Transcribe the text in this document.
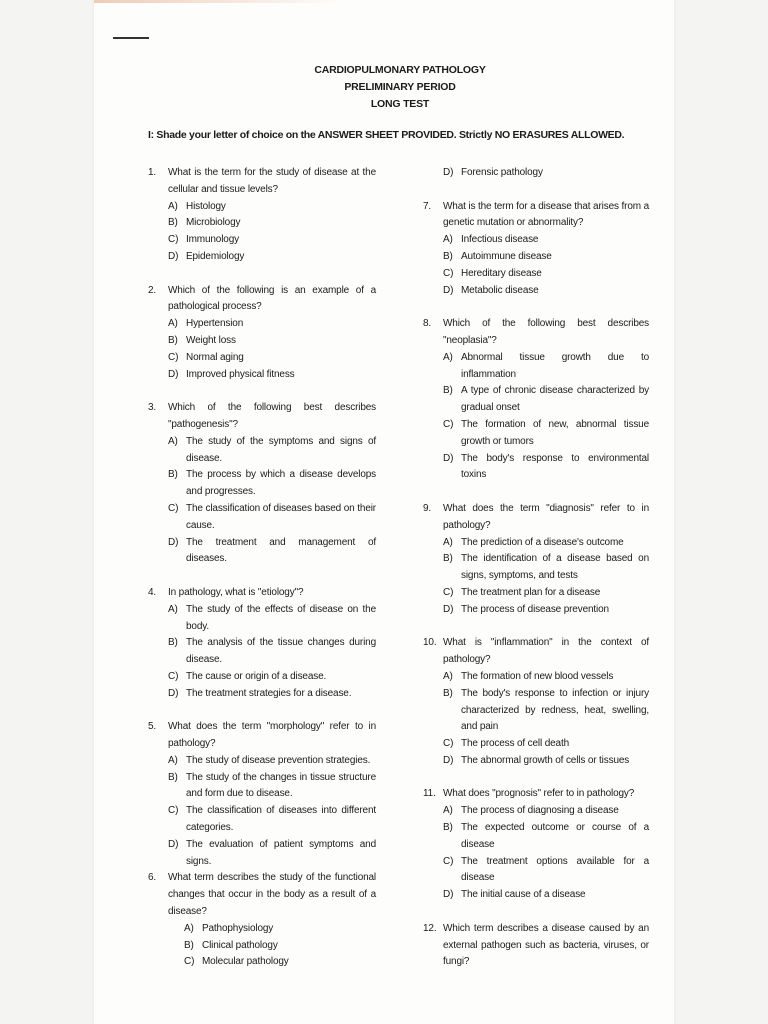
CARDIOPULMONARY PATHOLOGY
PRELIMINARY PERIOD
LONG TEST
I: Shade your letter of choice on the ANSWER SHEET PROVIDED. Strictly NO ERASURES ALLOWED.
1.	What is the term for the study of disease at the cellular and tissue levels?
A) Histology
B) Microbiology
C) Immunology
D) Epidemiology
2.	Which of the following is an example of a pathological process?
A) Hypertension
B) Weight loss
C) Normal aging
D) Improved physical fitness
3.	Which of the following best describes "pathogenesis"?
A) The study of the symptoms and signs of disease.
B) The process by which a disease develops and progresses.
C) The classification of diseases based on their cause.
D) The treatment and management of diseases.
4.	In pathology, what is "etiology"?
A) The study of the effects of disease on the body.
B) The analysis of the tissue changes during disease.
C) The cause or origin of a disease.
D) The treatment strategies for a disease.
5.	What does the term "morphology" refer to in pathology?
A) The study of disease prevention strategies.
B) The study of the changes in tissue structure and form due to disease.
C) The classification of diseases into different categories.
D) The evaluation of patient symptoms and signs.
6.	What term describes the study of the functional changes that occur in the body as a result of a disease?
A) Pathophysiology
B) Clinical pathology
C) Molecular pathology
D) Forensic pathology
7.	What is the term for a disease that arises from a genetic mutation or abnormality?
A) Infectious disease
B) Autoimmune disease
C) Hereditary disease
D) Metabolic disease
8.	Which of the following best describes "neoplasia"?
A) Abnormal tissue growth due to inflammation
B) A type of chronic disease characterized by gradual onset
C) The formation of new, abnormal tissue growth or tumors
D) The body's response to environmental toxins
9.	What does the term "diagnosis" refer to in pathology?
A) The prediction of a disease's outcome
B) The identification of a disease based on signs, symptoms, and tests
C) The treatment plan for a disease
D) The process of disease prevention
10. What is "inflammation" in the context of pathology?
A) The formation of new blood vessels
B) The body's response to infection or injury characterized by redness, heat, swelling, and pain
C) The process of cell death
D) The abnormal growth of cells or tissues
11. What does "prognosis" refer to in pathology?
A) The process of diagnosing a disease
B) The expected outcome or course of a disease
C) The treatment options available for a disease
D) The initial cause of a disease
12. Which term describes a disease caused by an external pathogen such as bacteria, viruses, or fungi?
